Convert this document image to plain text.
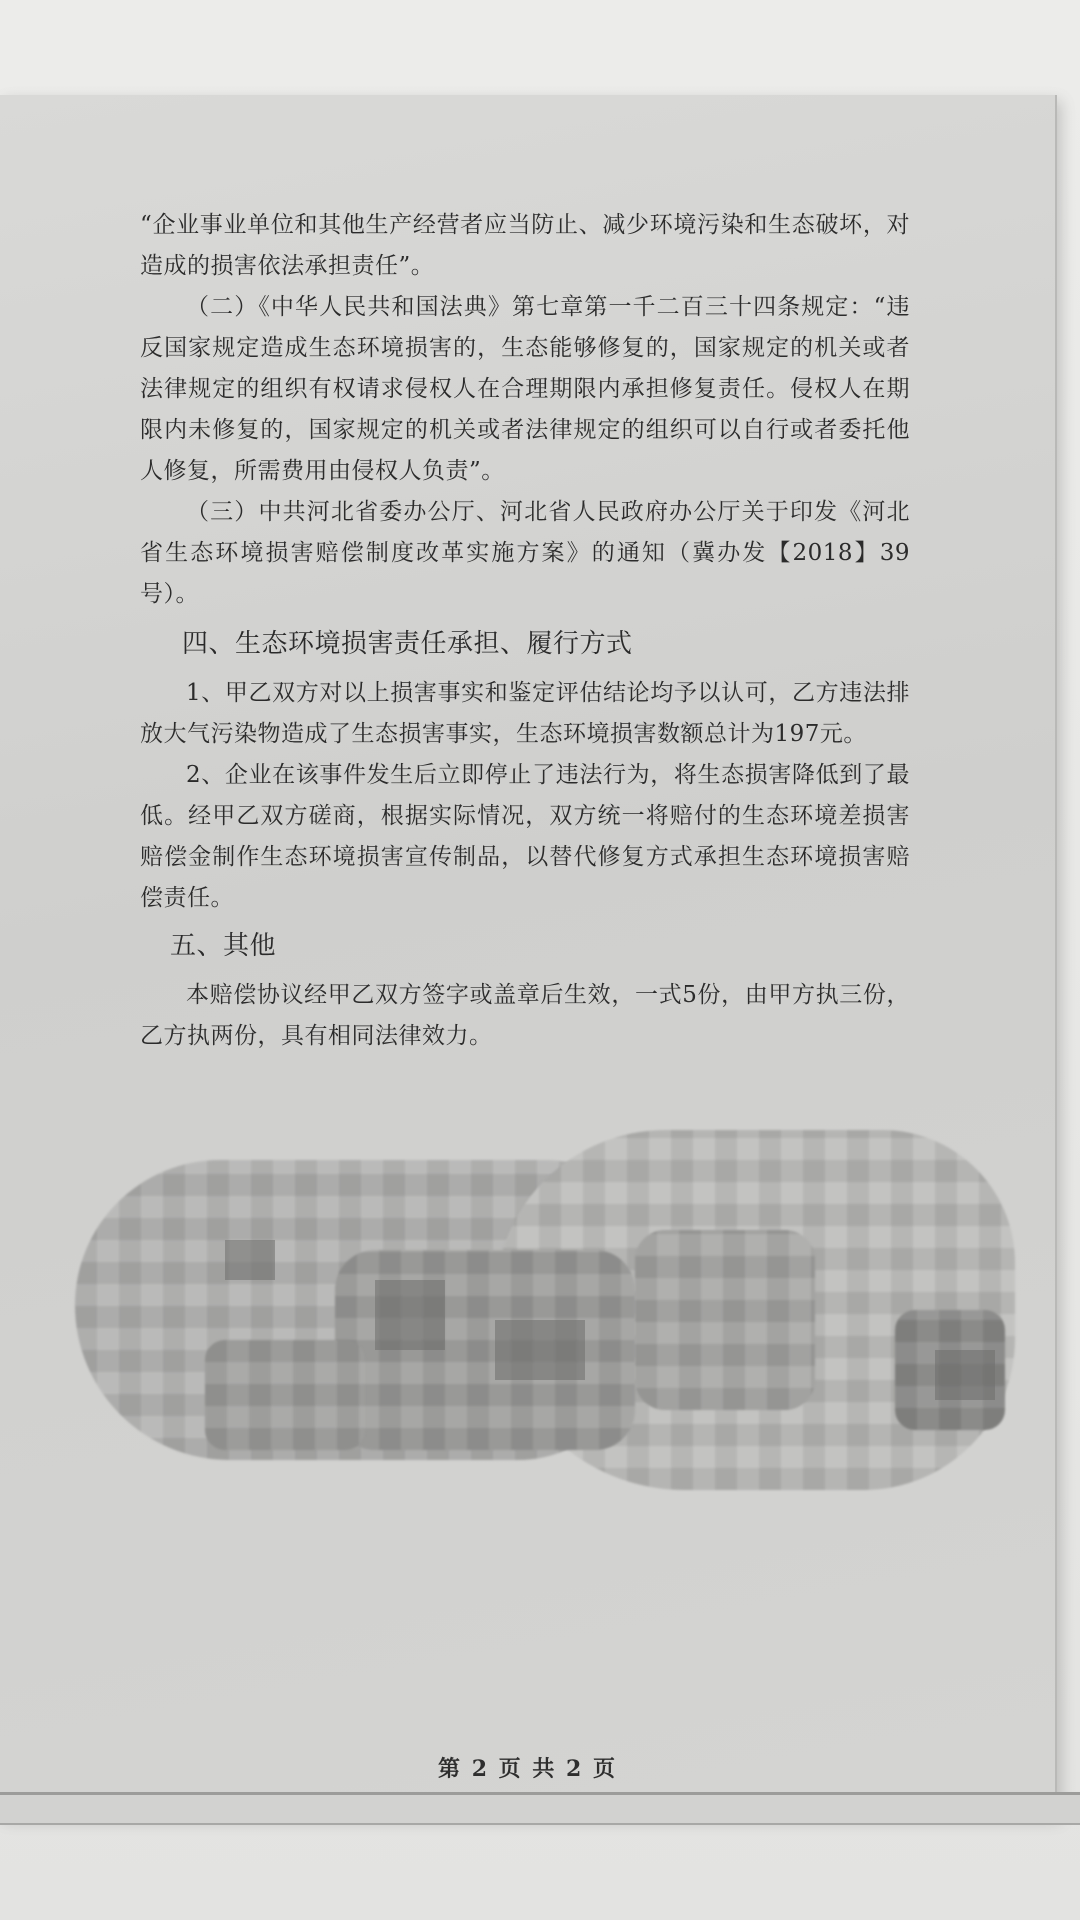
“企业事业单位和其他生产经营者应当防止、减少环境污染和生态破坏，对造成的损害依法承担责任”。

（二）《中华人民共和国法典》第七章第一千二百三十四条规定：“违反国家规定造成生态环境损害的，生态能够修复的，国家规定的机关或者法律规定的组织有权请求侵权人在合理期限内承担修复责任。侵权人在期限内未修复的，国家规定的机关或者法律规定的组织可以自行或者委托他人修复，所需费用由侵权人负责”。

（三）中共河北省委办公厅、河北省人民政府办公厅关于印发《河北省生态环境损害赔偿制度改革实施方案》的通知（冀办发【2018】39号）。

四、生态环境损害责任承担、履行方式

1、甲乙双方对以上损害事实和鉴定评估结论均予以认可，乙方违法排放大气污染物造成了生态损害事实，生态环境损害数额总计为197元。

2、企业在该事件发生后立即停止了违法行为，将生态损害降低到了最低。经甲乙双方磋商，根据实际情况，双方统一将赔付的生态环境差损害赔偿金制作生态环境损害宣传制品，以替代修复方式承担生态环境损害赔偿责任。

五、其他

本赔偿协议经甲乙双方签字或盖章后生效，一式5份，由甲方执三份，乙方执两份，具有相同法律效力。

第 2 页 共 2 页
